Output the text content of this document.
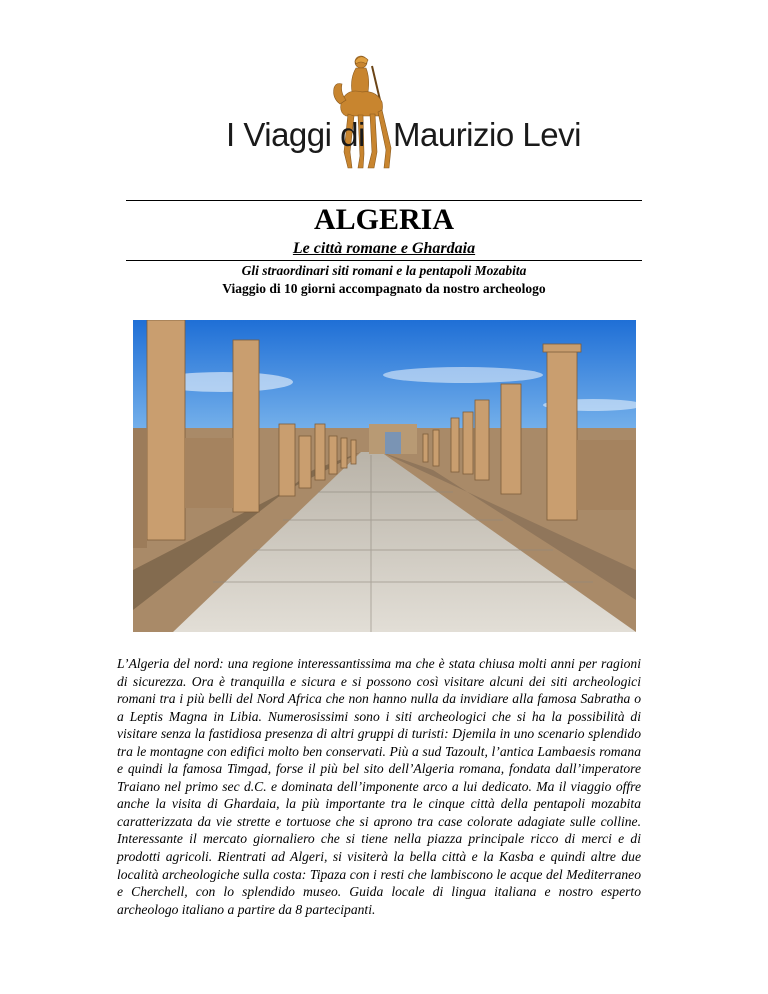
I Viaggi di Maurizio Levi
ALGERIA
Le città romane e Ghardaia
Gli straordinari siti romani e la pentapoli Mozabita
Viaggio di 10 giorni accompagnato da nostro archeologo

L’Algeria del nord: una regione interessantissima ma che è stata chiusa molti anni per ragioni di sicurezza. Ora è tranquilla e sicura e si possono così visitare alcuni dei siti archeologici romani tra i più belli del Nord Africa che non hanno nulla da invidiare alla famosa Sabratha o a Leptis Magna in Libia. Numerosissimi sono i siti archeologici che si ha la possibilità di visitare senza la fastidiosa presenza di altri gruppi di turisti: Djemila in uno scenario splendido tra le montagne con edifici molto ben conservati. Più a sud Tazoult, l’antica Lambaesis romana e quindi la famosa Timgad, forse il più bel sito dell’Algeria romana, fondata dall’imperatore Traiano nel primo sec d.C. e dominata dell’imponente arco a lui dedicato. Ma il viaggio offre anche la visita di Ghardaia, la più importante tra le cinque città della pentapoli mozabita caratterizzata da vie strette e tortuose che si aprono tra case colorate adagiate sulle colline. Interessante il mercato giornaliero che si tiene nella piazza principale ricco di merci e di prodotti agricoli. Rientrati ad Algeri, si visiterà la bella città e la Kasba e quindi altre due località archeologiche sulla costa: Tipaza con i resti che lambiscono le acque del Mediterraneo e Cherchell, con lo splendido museo. Guida locale di lingua italiana e nostro esperto archeologo italiano a partire da 8 partecipanti.
